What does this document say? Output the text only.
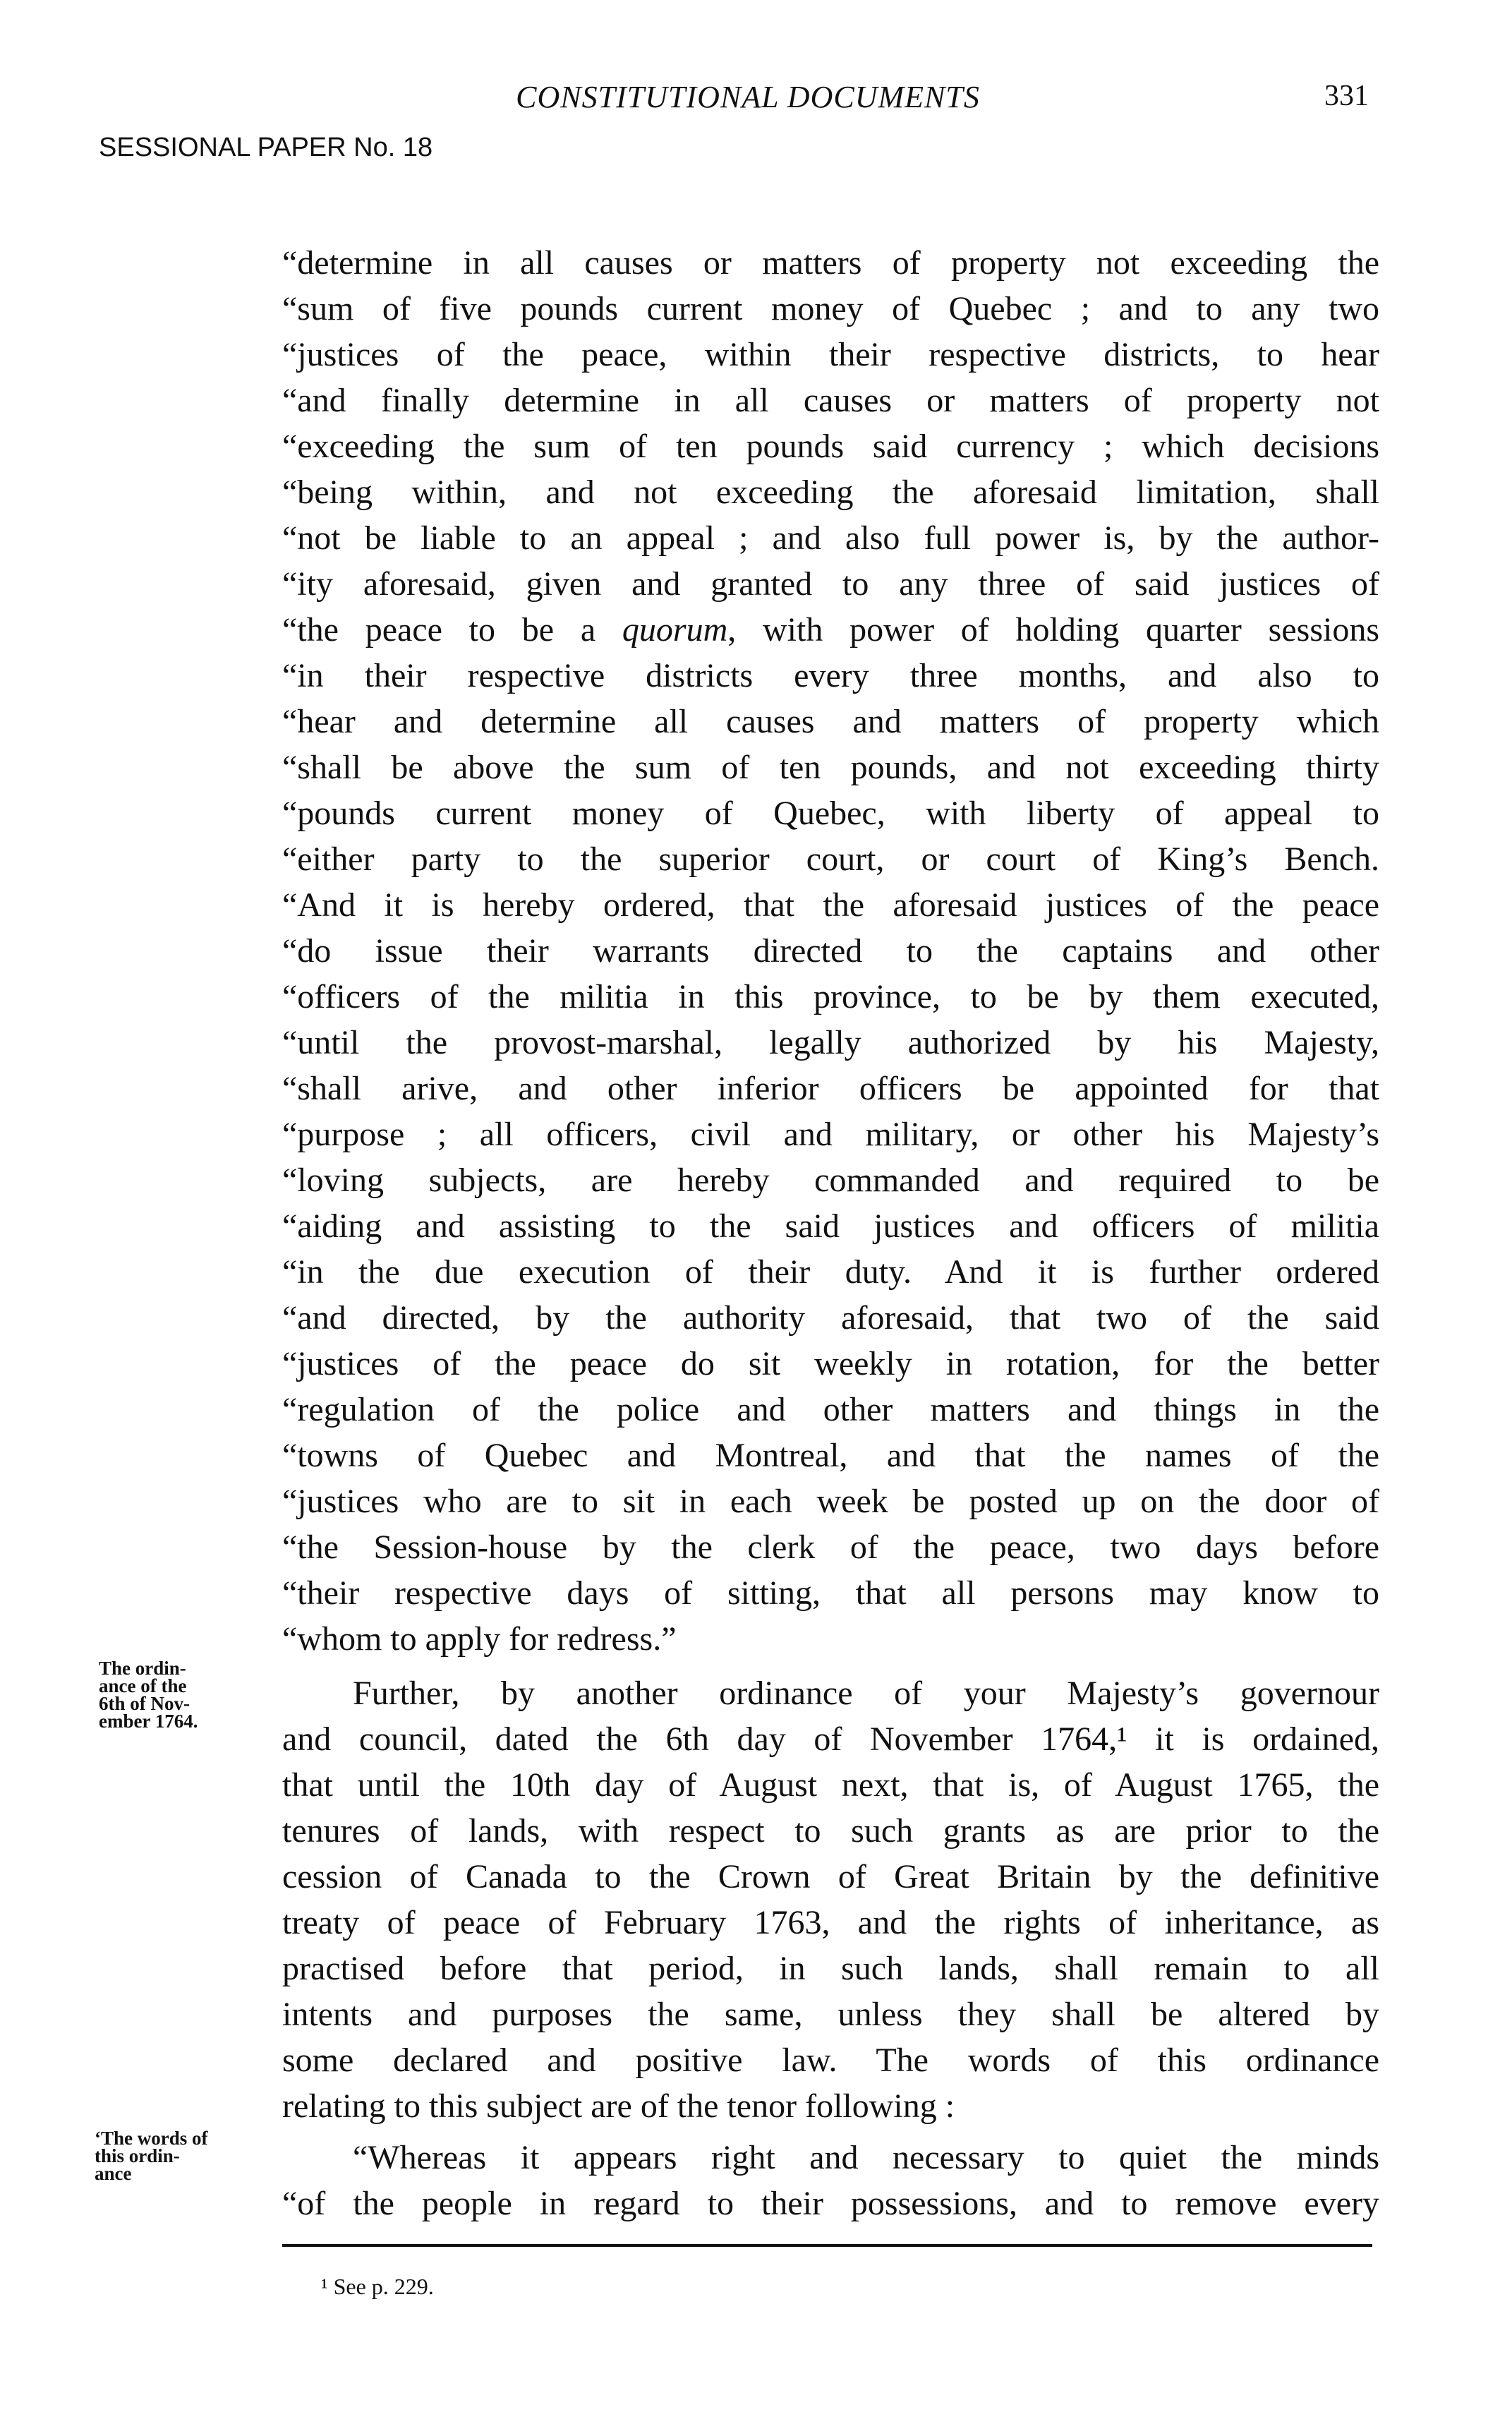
CONSTITUTIONAL DOCUMENTS	331
SESSIONAL PAPER No. 18
“determine in all causes or matters of property not exceeding the
“sum of five pounds current money of Quebec ; and to any two
“justices of the peace, within their respective districts, to hear
“and finally determine in all causes or matters of property not
“exceeding the sum of ten pounds said currency ; which decisions
“being within, and not exceeding the aforesaid limitation, shall
“not be liable to an appeal ; and also full power is, by the author-
“ity aforesaid, given and granted to any three of said justices of
“the peace to be a quorum, with power of holding quarter sessions
“in their respective districts every three months, and also to
“hear and determine all causes and matters of property which
“shall be above the sum of ten pounds, and not exceeding thirty
“pounds current money of Quebec, with liberty of appeal to
“either party to the superior court, or court of King’s Bench.
“And it is hereby ordered, that the aforesaid justices of the peace
“do issue their warrants directed to the captains and other
“officers of the militia in this province, to be by them executed,
“until the provost-marshal, legally authorized by his Majesty,
“shall arive, and other inferior officers be appointed for that
“purpose ; all officers, civil and military, or other his Majesty’s
“loving subjects, are hereby commanded and required to be
“aiding and assisting to the said justices and officers of militia
“in the due execution of their duty. And it is further ordered
“and directed, by the authority aforesaid, that two of the said
“justices of the peace do sit weekly in rotation, for the better
“regulation of the police and other matters and things in the
“towns of Quebec and Montreal, and that the names of the
“justices who are to sit in each week be posted up on the door of
“the Session-house by the clerk of the peace, two days before
“their respective days of sitting, that all persons may know to
“whom to apply for redress.”
Further, by another ordinance of your Majesty’s governour
and council, dated the 6th day of November 1764,¹ it is ordained,
that until the 10th day of August next, that is, of August 1765, the
tenures of lands, with respect to such grants as are prior to the
cession of Canada to the Crown of Great Britain by the definitive
treaty of peace of February 1763, and the rights of inheritance, as
practised before that period, in such lands, shall remain to all
intents and purposes the same, unless they shall be altered by
some declared and positive law. The words of this ordinance
relating to this subject are of the tenor following :
“Whereas it appears right and necessary to quiet the minds
“of the people in regard to their possessions, and to remove every
The ordin-
ance of the
6th of Nov-
ember 1764.
‘The words of
this ordin-
ance
¹ See p. 229.
